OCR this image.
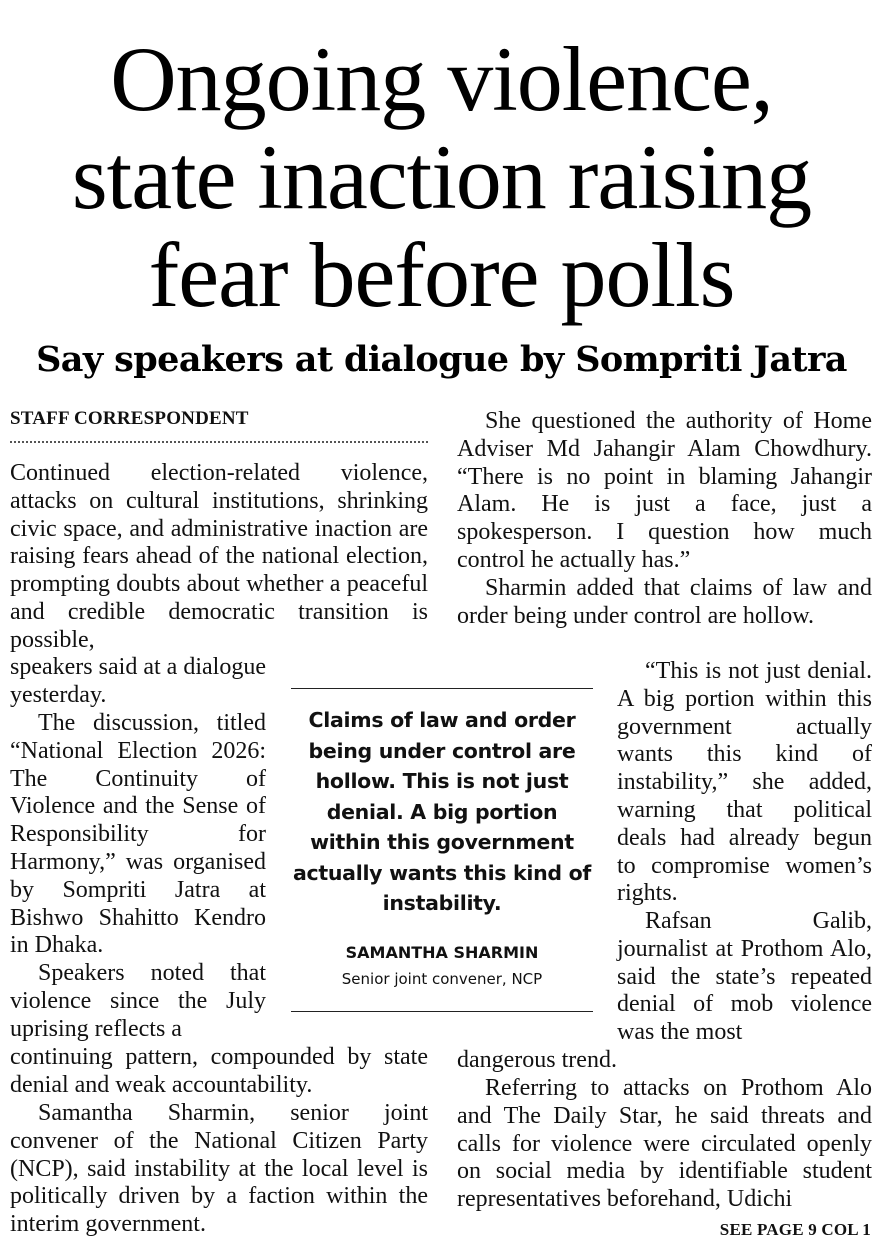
Ongoing violence,
state inaction raising
fear before polls
Say speakers at dialogue by Sompriti Jatra
STAFF CORRESPONDENT

Continued election-related violence, attacks on cultural institutions, shrinking civic space, and administrative inaction are raising fears ahead of the national election, prompting doubts about whether a peaceful and credible democratic transition is possible,

speakers said at a dialogue yesterday.

The discussion, titled “National Election 2026: The Continuity of Violence and the Sense of Responsibility for Harmony,” was organised by Sompriti Jatra at Bishwo Shahitto Kendro in Dhaka.

Speakers noted that violence since the July uprising reflects a

continuing pattern, compounded by state denial and weak accountability.

Samantha Sharmin, senior joint convener of the National Citizen Party (NCP), said instability at the local level is politically driven by a faction within the interim government.

Claims of law and order being under control are hollow. This is not just denial. A big portion within this government actually wants this kind of instability.

SAMANTHA SHARMIN
Senior joint convener, NCP

She questioned the authority of Home Adviser Md Jahangir Alam Chowdhury. “There is no point in blaming Jahangir Alam. He is just a face, just a spokesperson. I question how much control he actually has.”

Sharmin added that claims of law and order being under control are hollow.

“This is not just denial. A big portion within this government actually wants this kind of instability,” she added, warning that political deals had already begun to compromise women’s rights.

Rafsan Galib, journalist at Prothom Alo, said the state’s repeated denial of mob violence was the most

dangerous trend.

Referring to attacks on Prothom Alo and The Daily Star, he said threats and calls for violence were circulated openly on social media by identifiable student representatives beforehand, Udichi

SEE PAGE 9 COL 1
